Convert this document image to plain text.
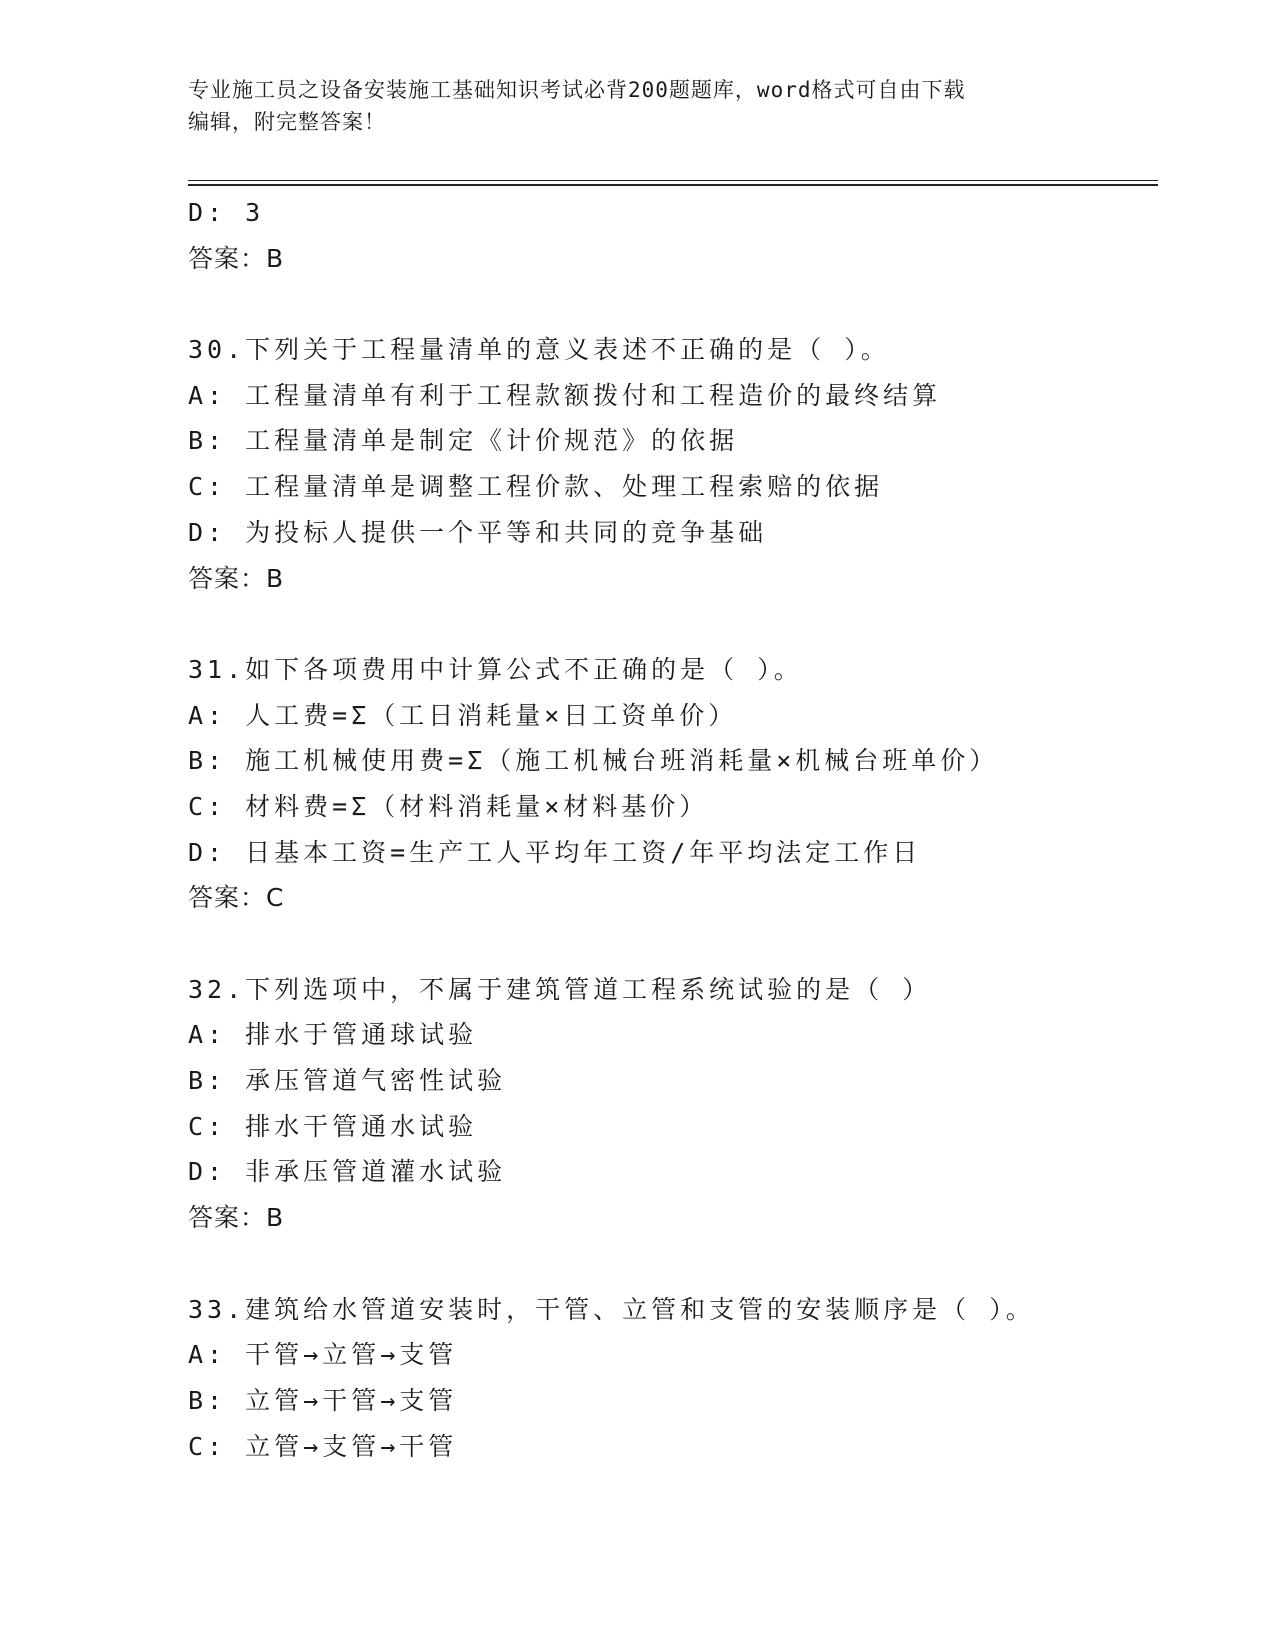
专业施工员之设备安装施工基础知识考试必背200题题库，word格式可自由下载
编辑，附完整答案！
D: 3
答案：B
30.下列关于工程量清单的意义表述不正确的是（ ）。
A: 工程量清单有利于工程款额拨付和工程造价的最终结算
B: 工程量清单是制定《计价规范》的依据
C: 工程量清单是调整工程价款、处理工程索赔的依据
D: 为投标人提供一个平等和共同的竞争基础
答案：B
31.如下各项费用中计算公式不正确的是（ ）。
A: 人工费=Σ（工日消耗量×日工资单价）
B: 施工机械使用费=Σ（施工机械台班消耗量×机械台班单价）
C: 材料费=Σ（材料消耗量×材料基价）
D: 日基本工资=生产工人平均年工资/年平均法定工作日
答案：C
32.下列选项中，不属于建筑管道工程系统试验的是（ ）
A: 排水于管通球试验
B: 承压管道气密性试验
C: 排水干管通水试验
D: 非承压管道灌水试验
答案：B
33.建筑给水管道安装时，干管、立管和支管的安装顺序是（ ）。
A: 干管→立管→支管
B: 立管→干管→支管
C: 立管→支管→干管
